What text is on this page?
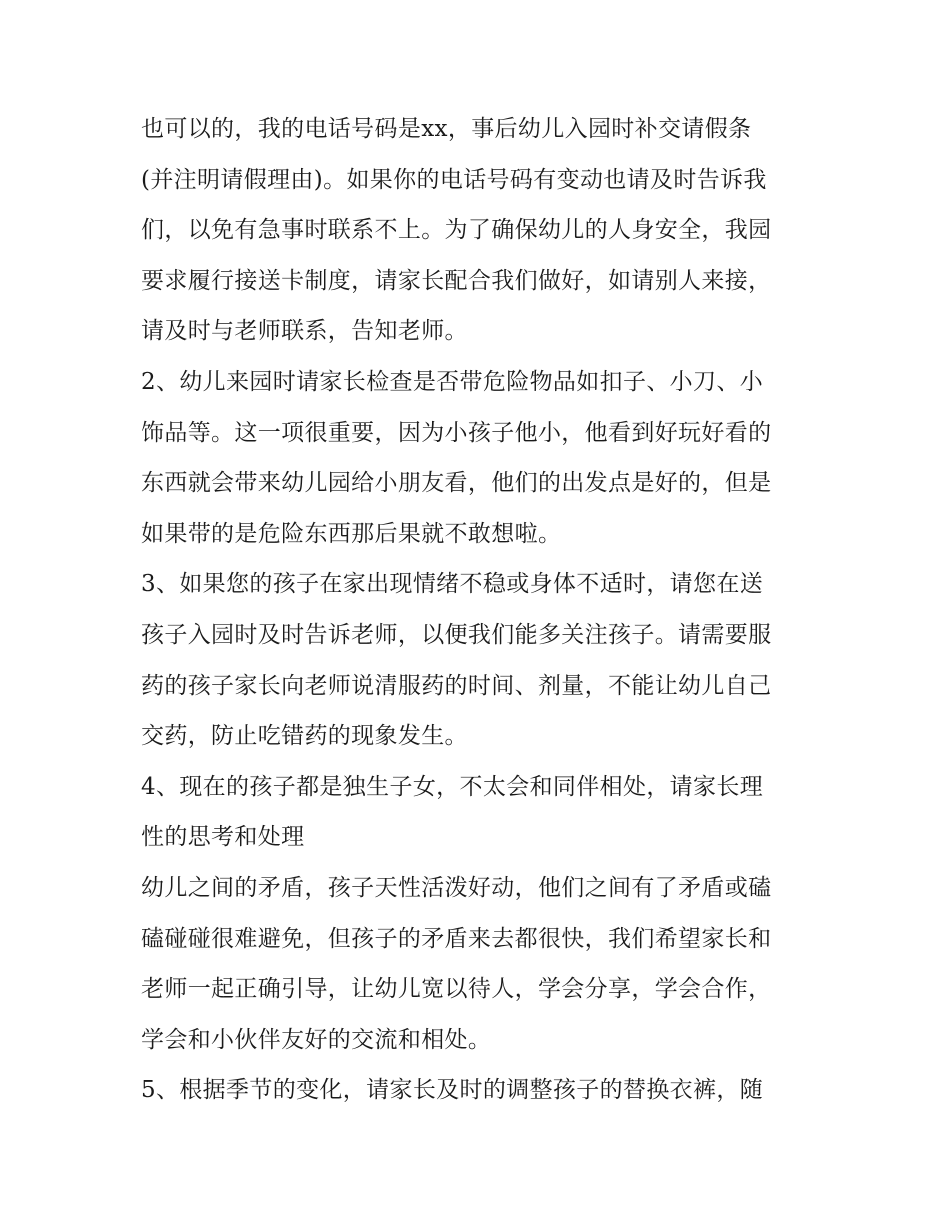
也可以的，我的电话号码是xx，事后幼儿入园时补交请假条
(并注明请假理由)。如果你的电话号码有变动也请及时告诉我
们，以免有急事时联系不上。为了确保幼儿的人身安全，我园
要求履行接送卡制度，请家长配合我们做好，如请别人来接，
请及时与老师联系，告知老师。
2、幼儿来园时请家长检查是否带危险物品如扣子、小刀、小
饰品等。这一项很重要，因为小孩子他小，他看到好玩好看的
东西就会带来幼儿园给小朋友看，他们的出发点是好的，但是
如果带的是危险东西那后果就不敢想啦。
3、如果您的孩子在家出现情绪不稳或身体不适时，请您在送
孩子入园时及时告诉老师，以便我们能多关注孩子。请需要服
药的孩子家长向老师说清服药的时间、剂量，不能让幼儿自己
交药，防止吃错药的现象发生。
4、现在的孩子都是独生子女，不太会和同伴相处，请家长理
性的思考和处理
幼儿之间的矛盾，孩子天性活泼好动，他们之间有了矛盾或磕
磕碰碰很难避免，但孩子的矛盾来去都很快，我们希望家长和
老师一起正确引导，让幼儿宽以待人，学会分享，学会合作，
学会和小伙伴友好的交流和相处。
5、根据季节的变化，请家长及时的调整孩子的替换衣裤，随
